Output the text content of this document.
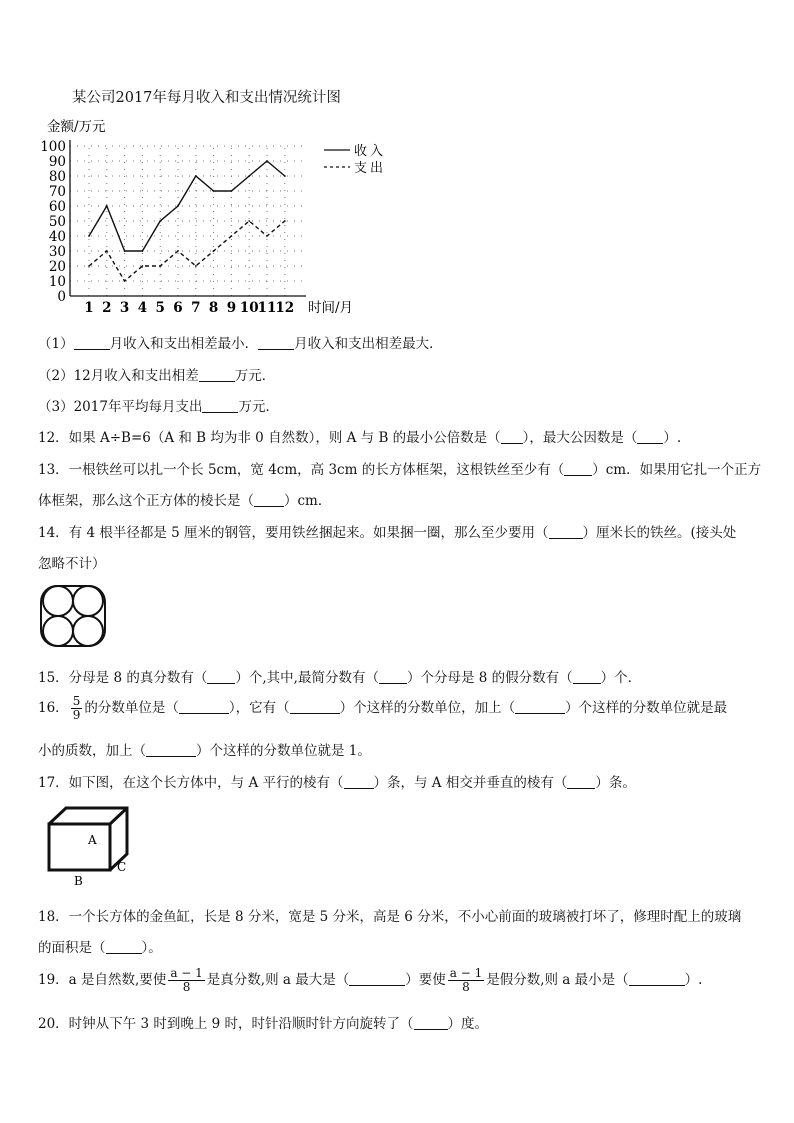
某公司2017年每月收入和支出情况统计图
0
10
20
30
40
50
60
70
80
90
100
1 2 3 4 5 6 7 8 9 10 11 12
金额/万元
时间/月
收入
支出
（1）	月收入和支出相差最小．	月收入和支出相差最大．
（2）12月收入和支出相差	万元．
（3）2017年平均每月支出	万元．
12．如果 A÷B=6（A 和 B 均为非 0 自然数），则 A 与 B 的最小公倍数是（ ），最大公因数是（ ）.
13．一根铁丝可以扎一个长 5cm，宽 4cm，高 3cm 的长方体框架，这根铁丝至少有（ ）cm．如果用它扎一个正方
体框架，那么这个正方体的棱长是（ ）cm．
14．有 4 根半径都是 5 厘米的钢管，要用铁丝捆起来。如果捆一圈，那么至少要用（	）厘米长的铁丝。(接头处
忽略不计）
15．分母是 8 的真分数有（ ）个,其中,最简分数有（ ）个分母是 8 的假分数有（ ）个．
16． $\frac{5}{9}$ 的分数单位是（	），它有（	）个这样的分数单位，加上（	）个这样的分数单位就是最
小的质数，加上（	）个这样的分数单位就是 1。
17．如下图，在这个长方体中，与 A 平行的棱有（ ）条，与 A 相交并垂直的棱有（ ）条。
A
B
C
18．一个长方体的金鱼缸，长是 8 分米，宽是 5 分米，高是 6 分米，不小心前面的玻璃被打坏了，修理时配上的玻璃
的面积是（	）。
19．a 是自然数,要使 $\frac{a - 1}{8}$ 是真分数,则 a 最大是（	）要使 $\frac{a - 1}{8}$ 是假分数,则 a 最小是（	）.
20．时钟从下午 3 时到晚上 9 时，时针沿顺时针方向旋转了（	）度。
